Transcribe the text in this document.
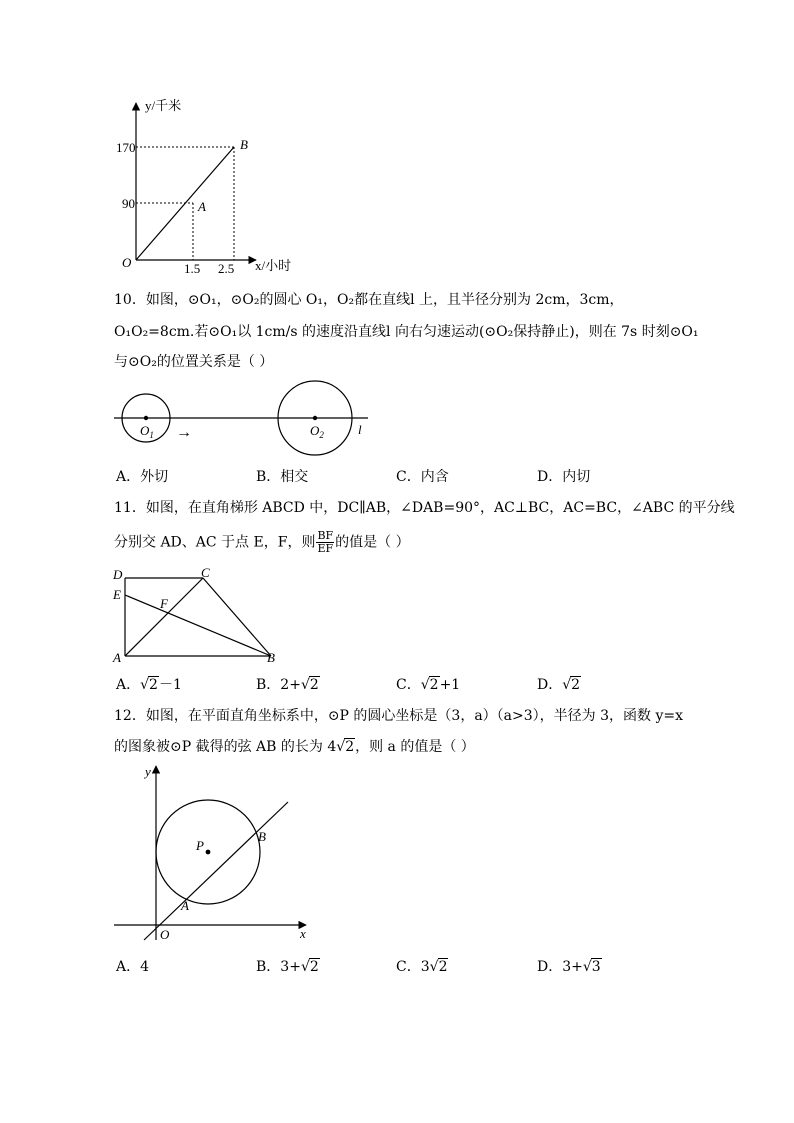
y/千米
x/小时
O
170
90
1.5 2.5
A
B
10．如图，⊙O₁，⊙O₂的圆心 O₁，O₂都在直线l 上，且半径分别为 2cm，3cm，
O₁O₂=8cm.若⊙O₁以 1cm/s 的速度沿直线l 向右匀速运动(⊙O₂保持静止)，则在 7s 时刻⊙O₁
与⊙O₂的位置关系是（ ）
$O_1$	$O_2$	l
→
A．外切	B．相交	C．内含	D．内切
11．如图，在直角梯形 ABCD 中，DC∥AB，∠DAB=90°，AC⊥BC，AC=BC，∠ABC 的平分线
分别交 AD、AC 于点 E，F，则 $\frac{BF}{EF}$ 的值是（ ）
D	C
E
F
A	B
A．√2－1	B．2+√2	C．√2+1	D．√2
12．如图，在平面直角坐标系中，⊙P 的圆心坐标是（3，a）（a>3），半径为 3，函数 y=x
的图象被⊙P 截得的弦 AB 的长为 4√2，则 a 的值是（ ）
y
x
O
P
A
B
A．4	B．3+√2	C．3√2	D．3+√3
